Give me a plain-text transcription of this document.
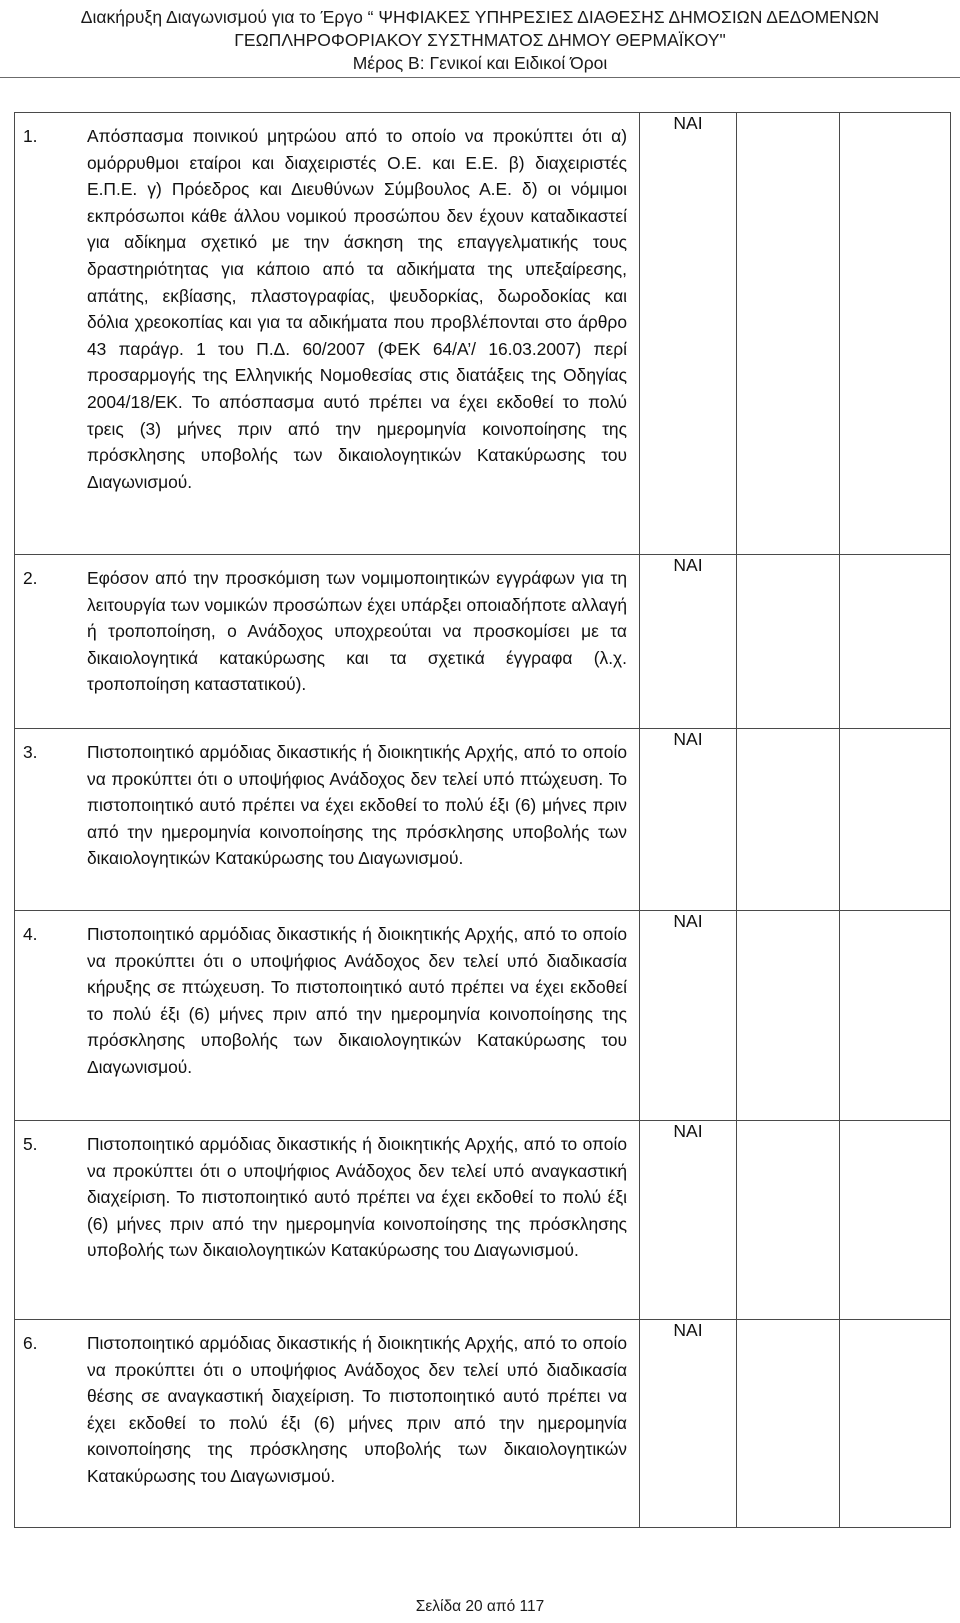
Διακήρυξη Διαγωνισμού για το Έργο “ ΨΗΦΙΑΚΕΣ ΥΠΗΡΕΣΙΕΣ ΔΙΑΘΕΣΗΣ ΔΗΜΟΣΙΩΝ ΔΕΔΟΜΕΝΩΝ
ΓΕΩΠΛΗΡΟΦΟΡΙΑΚΟΥ ΣΥΣΤΗΜΑΤΟΣ ΔΗΜΟΥ ΘΕΡΜΑΪΚΟΥ"
Μέρος Β: Γενικοί και Ειδικοί Όροι
1. Απόσπασμα ποινικού μητρώου από το οποίο να προκύπτει ότι α) ομόρρυθμοι εταίροι και διαχειριστές Ο.Ε. και Ε.Ε. β) διαχειριστές Ε.Π.Ε. γ) Πρόεδρος και Διευθύνων Σύμβουλος Α.Ε. δ) οι νόμιμοι εκπρόσωποι κάθε άλλου νομικού προσώπου δεν έχουν καταδικαστεί για αδίκημα σχετικό με την άσκηση της επαγγελματικής τους δραστηριότητας για κάποιο από τα αδικήματα της υπεξαίρεσης, απάτης, εκβίασης, πλαστογραφίας, ψευδορκίας, δωροδοκίας και δόλια χρεοκοπίας και για τα αδικήματα που προβλέπονται στο άρθρο 43 παράγρ. 1 του Π.Δ. 60/2007 (ΦΕΚ 64/Α’/ 16.03.2007) περί προσαρμογής της Ελληνικής Νομοθεσίας στις διατάξεις της Οδηγίας 2004/18/ΕΚ. Το απόσπασμα αυτό πρέπει να έχει εκδοθεί το πολύ τρεις (3) μήνες πριν από την ημερομηνία κοινοποίησης της πρόσκλησης υποβολής των δικαιολογητικών Κατακύρωσης του Διαγωνισμού.	ΝΑΙ		

2. Εφόσον από την προσκόμιση των νομιμοποιητικών εγγράφων για τη λειτουργία των νομικών προσώπων έχει υπάρξει οποιαδήποτε αλλαγή ή τροποποίηση, ο Ανάδοχος υποχρεούται να προσκομίσει με τα δικαιολογητικά κατακύρωσης και τα σχετικά έγγραφα (λ.χ. τροποποίηση καταστατικού).	ΝΑΙ		

3. Πιστοποιητικό αρμόδιας δικαστικής ή διοικητικής Αρχής, από το οποίο να προκύπτει ότι ο υποψήφιος Ανάδοχος δεν τελεί υπό πτώχευση. Το πιστοποιητικό αυτό πρέπει να έχει εκδοθεί το πολύ έξι (6) μήνες πριν από την ημερομηνία κοινοποίησης της πρόσκλησης υποβολής των δικαιολογητικών Κατακύρωσης του Διαγωνισμού.	ΝΑΙ		

4. Πιστοποιητικό αρμόδιας δικαστικής ή διοικητικής Αρχής, από το οποίο να προκύπτει ότι ο υποψήφιος Ανάδοχος δεν τελεί υπό διαδικασία κήρυξης σε πτώχευση. Το πιστοποιητικό αυτό πρέπει να έχει εκδοθεί το πολύ έξι (6) μήνες πριν από την ημερομηνία κοινοποίησης της πρόσκλησης υποβολής των δικαιολογητικών Κατακύρωσης του Διαγωνισμού.	ΝΑΙ		

5. Πιστοποιητικό αρμόδιας δικαστικής ή διοικητικής Αρχής, από το οποίο να προκύπτει ότι ο υποψήφιος Ανάδοχος δεν τελεί υπό αναγκαστική διαχείριση. Το πιστοποιητικό αυτό πρέπει να έχει εκδοθεί το πολύ έξι (6) μήνες πριν από την ημερομηνία κοινοποίησης της πρόσκλησης υποβολής των δικαιολογητικών Κατακύρωσης του Διαγωνισμού.	ΝΑΙ		

6. Πιστοποιητικό αρμόδιας δικαστικής ή διοικητικής Αρχής, από το οποίο να προκύπτει ότι ο υποψήφιος Ανάδοχος δεν τελεί υπό διαδικασία θέσης σε αναγκαστική διαχείριση. Το πιστοποιητικό αυτό πρέπει να έχει εκδοθεί το πολύ έξι (6) μήνες πριν από την ημερομηνία κοινοποίησης της πρόσκλησης υποβολής των δικαιολογητικών Κατακύρωσης του Διαγωνισμού.	ΝΑΙ		
Σελίδα 20 από 117
